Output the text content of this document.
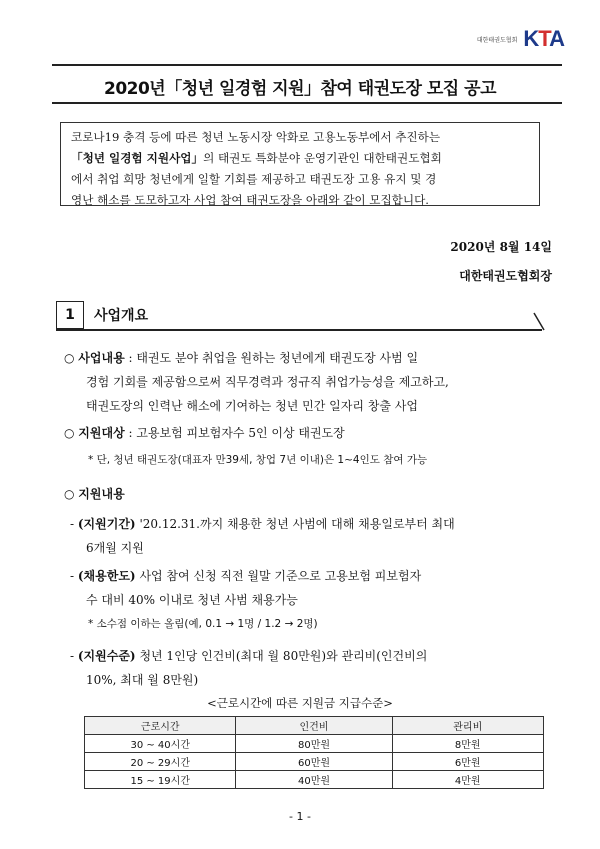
대한태권도협회 KTA
2020년「청년 일경험 지원」참여 태권도장 모집 공고
코로나19 충격 등에 따른 청년 노동시장 악화로 고용노동부에서 추진하는
「청년 일경험 지원사업」의 태권도 특화분야 운영기관인 대한태권도협회
에서 취업 희망 청년에게 일할 기회를 제공하고 태권도장 고용 유지 및 경
영난 해소를 도모하고자 사업 참여 태권도장을 아래와 같이 모집합니다.
2020년 8월 14일
대한태권도협회장
1	사업개요
○ 사업내용 : 태권도 분야 취업을 원하는 청년에게 태권도장 사범 일
경험 기회를 제공함으로써 직무경력과 정규직 취업가능성을 제고하고,
태권도장의 인력난 해소에 기여하는 청년 민간 일자리 창출 사업
○ 지원대상 : 고용보험 피보험자수 5인 이상 태권도장
* 단, 청년 태권도장(대표자 만39세, 창업 7년 이내)은 1~4인도 참여 가능
○ 지원내용
- (지원기간) '20.12.31.까지 채용한 청년 사범에 대해 채용일로부터 최대
6개월 지원
- (채용한도) 사업 참여 신청 직전 월말 기준으로 고용보험 피보험자
수 대비 40% 이내로 청년 사범 채용가능
* 소수점 이하는 올림(예, 0.1 → 1명 / 1.2 → 2명)
- (지원수준) 청년 1인당 인건비(최대 월 80만원)와 관리비(인건비의
10%, 최대 월 8만원)
<근로시간에 따른 지원금 지급수준>
근로시간	인건비	관리비
30 ~ 40시간	80만원	8만원
20 ~ 29시간	60만원	6만원
15 ~ 19시간	40만원	4만원
- 1 -
